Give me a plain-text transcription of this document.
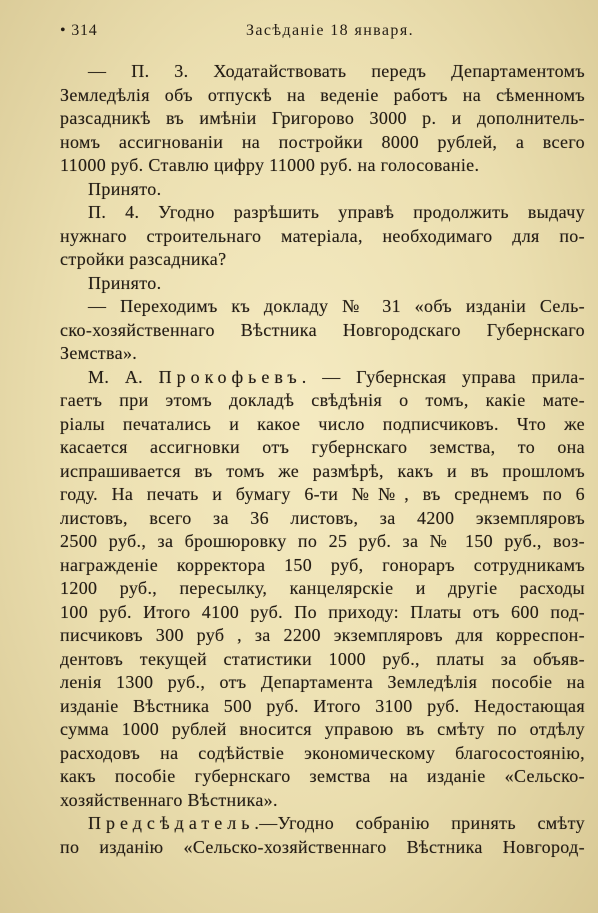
• 314	Засѣданіе 18 января.
— П. 3. Ходатайствовать передъ Департаментомъ
Земледѣлія объ отпускѣ на веденіе работъ на сѣменномъ
разсадникѣ въ имѣніи Григорово 3000 р. и дополнитель-
номъ ассигнованіи на постройки 8000 рублей, а всего
11000 руб. Ставлю цифру 11000 руб. на голосованіе.
Принято.
П. 4. Угодно разрѣшить управѣ продолжить выдачу
нужнаго строительнаго матеріала, необходимаго для по-
стройки разсадника?
Принято.
— Переходимъ къ докладу № 31 «объ изданіи Сель-
ско-хозяйственнаго Вѣстника Новгородскаго Губернскаго
Земства».
М. А. Прокофьевъ. — Губернская управа прила-
гаетъ при этомъ докладѣ свѣдѣнія о томъ, какіе мате-
ріалы печатались и какое число подписчиковъ. Что же
касается ассигновки отъ губернскаго земства, то она
испрашивается въ томъ же размѣрѣ, какъ и въ прошломъ
году. На печать и бумагу 6-ти №№, въ среднемъ по 6
листовъ, всего за 36 листовъ, за 4200 экземпляровъ
2500 руб., за брошюровку по 25 руб. за № 150 руб., воз-
награжденіе корректора 150 руб, гонораръ сотрудникамъ
1200 руб., пересылку, канцелярскіе и другіе расходы
100 руб. Итого 4100 руб. По приходу: Платы отъ 600 под-
писчиковъ 300 руб , за 2200 экземпляровъ для корреспон-
дентовъ текущей статистики 1000 руб., платы за объяв-
ленія 1300 руб., отъ Департамента Земледѣлія пособіе на
изданіе Вѣстника 500 руб. Итого 3100 руб. Недостающая
сумма 1000 рублей вносится управою въ смѣту по отдѣлу
расходовъ на содѣйствіе экономическому благосостоянію,
какъ пособіе губернскаго земства на изданіе «Сельско-
хозяйственнаго Вѣстника».
Предсѣдатель.—Угодно собранію принять смѣту
по изданію «Сельско-хозяйственнаго Вѣстника Новгород-
